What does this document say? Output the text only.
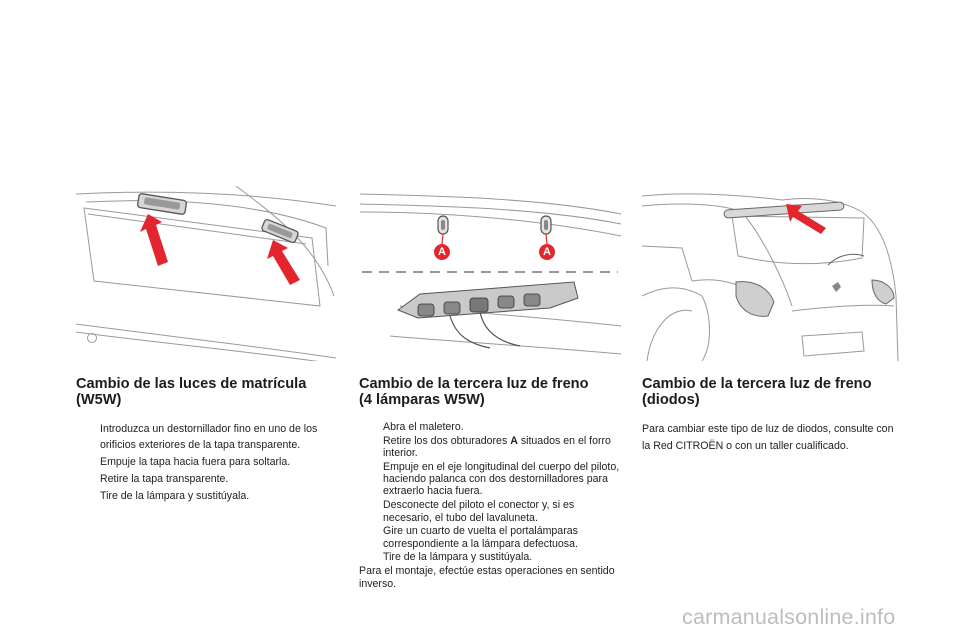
A	A
Cambio de las luces de matrícula
(W5W)
Introduzca un destornillador fino en uno de los orificios exteriores de la tapa transparente.
Empuje la tapa hacia fuera para soltarla.
Retire la tapa transparente.
Tire de la lámpara y sustitúyala.
Cambio de la tercera luz de freno
(4 lámparas W5W)
Abra el maletero.
Retire los dos obturadores A situados en el forro interior.
Empuje en el eje longitudinal del cuerpo del piloto, haciendo palanca con dos destornilladores para extraerlo hacia fuera.
Desconecte del piloto el conector y, si es necesario, el tubo del lavaluneta.
Gire un cuarto de vuelta el portalámparas correspondiente a la lámpara defectuosa.
Tire de la lámpara y sustitúyala.

Para el montaje, efectúe estas operaciones en sentido inverso.

Cambio de la tercera luz de freno
(diodos)

Para cambiar este tipo de luz de diodos, consulte con la Red CITROËN o con un taller cualificado.

carmanualsonline.info
